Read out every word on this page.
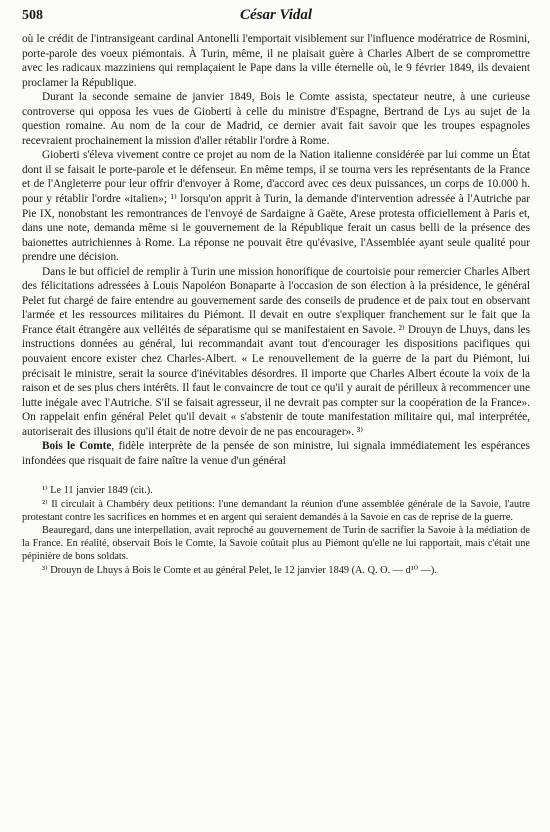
508	César Vidal

où le crédit de l'intransigeant cardinal Antonelli l'emportait visiblement sur l'influence modératrice de Rosmini, porte-parole des voeux piémontais. À Turin, même, il ne plaisait guère à Charles Albert de se compromettre avec les radicaux mazziniens qui remplaçaient le Pape dans la ville éternelle où, le 9 février 1849, ils devaient proclamer la République.

Durant la seconde semaine de janvier 1849, Bois le Comte assista, spectateur neutre, à une curieuse controverse qui opposa les vues de Gioberti à celle du ministre d'Espagne, Bertrand de Lys au sujet de la question romaine. Au nom de la cour de Madrid, ce dernier avait fait savoir que les troupes espagnoles recevraient prochainement la mission d'aller rétablir l'ordre à Rome.

Gioberti s'éleva vivement contre ce projet au nom de la Nation italienne considérée par lui comme un État dont il se faisait le porte-parole et le défenseur. En même temps, il se tourna vers les représentants de la France et de l'Angleterre pour leur offrir d'envoyer à Rome, d'accord avec ces deux puissances, un corps de 10.000 h. pour y rétablir l'ordre «italien»; ¹⁾ lorsqu'on apprit à Turin, la demande d'intervention adressée à l'Autriche par Pie IX, nonobstant les remontrances de l'envoyé de Sardaigne à Gaëte, Arese protesta officiellement à Paris et, dans une note, demanda même si le gouvernement de la République ferait un casus belli de la présence des baionettes autrichiennes à Rome. La réponse ne pouvait être qu'évasive, l'Assemblée ayant seule qualité pour prendre une décision.

Dans le but officiel de remplir à Turin une mission honorifique de courtoisie pour remercier Charles Albert des félicitations adressées à Louis Napoléon Bonaparte à l'occasion de son élection à la présidence, le général Pelet fut chargé de faire entendre au gouvernement sarde des conseils de prudence et de paix tout en observant l'armée et les ressources militaires du Piémont. Il devait en outre s'expliquer franchement sur le fait que la France était étrangère aux velléités de séparatisme qui se manifestaient en Savoie. ²⁾ Drouyn de Lhuys, dans les instructions données au général, lui recommandait avant tout d'encourager les dispositions pacifiques qui pouvaient encore exister chez Charles-Albert. « Le renouvellement de la guerre de la part du Piémont, lui précisait le ministre, serait la source d'inévitables désordres. Il importe que Charles Albert écoute la voix de la raison et de ses plus chers intérêts. Il faut le convaincre de tout ce qu'il y aurait de périlleux à recommencer une lutte inégale avec l'Autriche. S'il se faisait agresseur, il ne devrait pas compter sur la coopération de la France». On rappelait enfin général Pelet qu'il devait « s'abstenir de toute manifestation militaire qui, mal interprétée, autoriserait des illusions qu'il était de notre devoir de ne pas encourager». ³⁾

Bois le Comte, fidèle interprète de la pensée de son ministre, lui signala immédiatement les espérances infondées que risquait de faire naître la venue d'un général

¹⁾ Le 11 janvier 1849 (cit.).

²⁾ Il circulait à Chambéry deux petitions: l'une demandant la réunion d'une assemblée générale de la Savoie, l'autre protestant contre les sacrifices en hommes et en argent qui seraient demandés à la Savoie en cas de reprise de la guerre.

Beauregard, dans une interpellation, avait reproché au gouvernement de Turin de sacrifier la Savoie à la médiation de la France. En réalité, observait Bois le Comte, la Savoie coûtait plus au Piémont qu'elle ne lui rapportait, mais c'était une pépinière de bons soldats.

³⁾ Drouyn de Lhuys à Bois le Comte et au général Pelet, le 12 janvier 1849 (A. Q. O. — d¹⁰ —).
